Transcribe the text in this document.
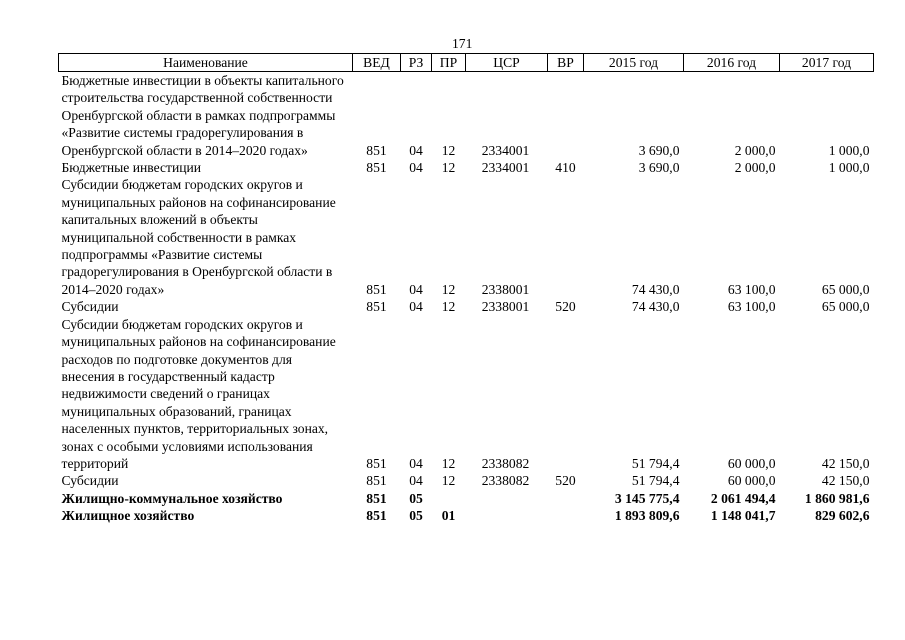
171
Наименование	ВЕД	РЗ	ПР	ЦСР	ВР	2015 год	2016 год	2017 год
Бюджетные инвестиции в объекты капитального строительства государственной собственности Оренбургской области в рамках подпрограммы «Развитие системы градорегулирования в Оренбургской области в 2014–2020 годах»	851	04	12	2334001		3 690,0	2 000,0	1 000,0
Бюджетные инвестиции	851	04	12	2334001	410	3 690,0	2 000,0	1 000,0
Субсидии бюджетам городских округов и муниципальных районов на софинансирование капитальных вложений в объекты муниципальной собственности в рамках подпрограммы «Развитие системы градорегулирования в Оренбургской области в 2014–2020 годах»	851	04	12	2338001		74 430,0	63 100,0	65 000,0
Субсидии	851	04	12	2338001	520	74 430,0	63 100,0	65 000,0
Субсидии бюджетам городских округов и муниципальных районов на софинансирование расходов по подготовке документов для внесения в государственный кадастр недвижимости сведений о границах муниципальных образований, границах населенных пунктов, территориальных зонах, зонах с особыми условиями использования территорий	851	04	12	2338082		51 794,4	60 000,0	42 150,0
Субсидии	851	04	12	2338082	520	51 794,4	60 000,0	42 150,0
Жилищно-коммунальное хозяйство	851	05				3 145 775,4	2 061 494,4	1 860 981,6
Жилищное хозяйство	851	05	01			1 893 809,6	1 148 041,7	829 602,6
